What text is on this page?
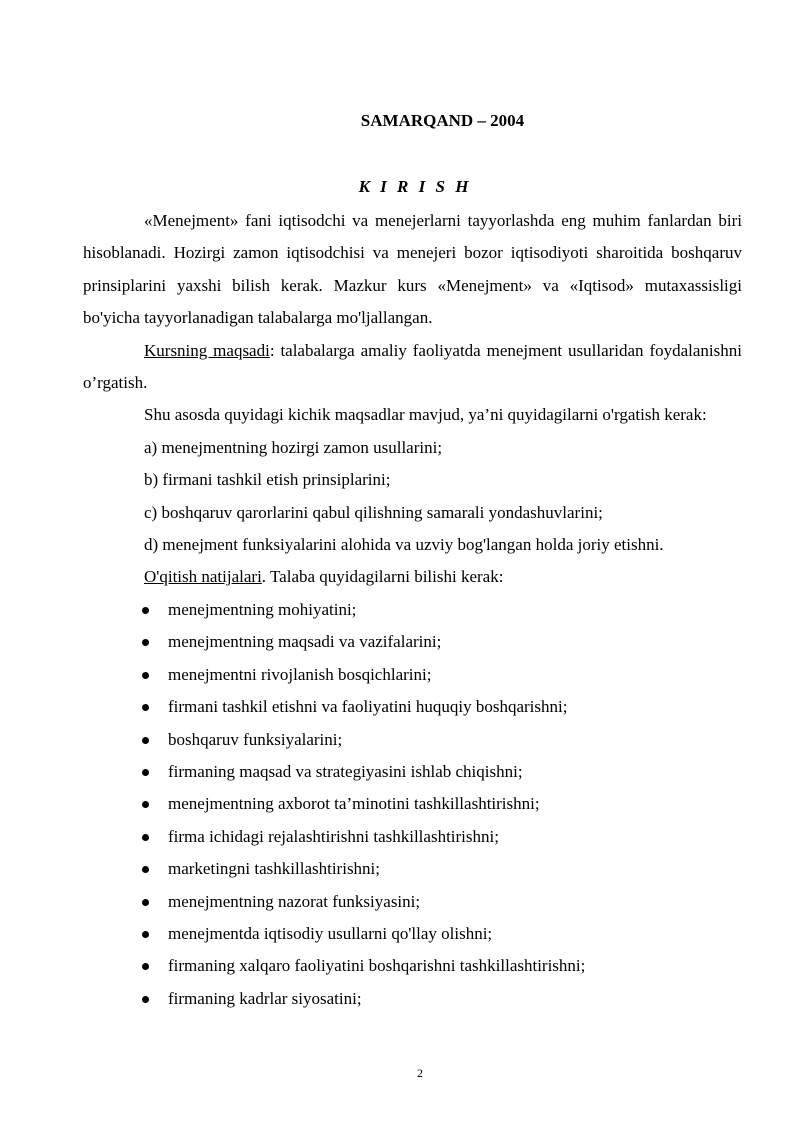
SAMARQAND – 2004
K I R I S H

«Menejment» fani iqtisodchi va menejerlarni tayyorlashda eng muhim fanlardan biri hisoblanadi. Hozirgi zamon iqtisodchisi va menejeri bozor iqtisodiyoti sharoitida boshqaruv prinsiplarini yaxshi bilish kerak. Mazkur kurs «Menejment» va «Iqtisod» mutaxassisligi bo'yicha tayyorlanadigan talabalarga mo'ljallangan.

Kursning maqsadi: talabalarga amaliy faoliyatda menejment usullaridan foydalanishni o’rgatish.

Shu asosda quyidagi kichik maqsadlar mavjud, ya’ni quyidagilarni o'rgatish kerak:

a) menejmentning hozirgi zamon usullarini;

b) firmani tashkil etish prinsiplarini;

c) boshqaruv qarorlarini qabul qilishning samarali yondashuvlarini;

d) menejment funksiyalarini alohida va uzviy bog'langan holda joriy etishni.

O'qitish natijalari. Talaba quyidagilarni bilishi kerak:

menejmentning mohiyatini;
menejmentning maqsadi va vazifalarini;
menejmentni rivojlanish bosqichlarini;
firmani tashkil etishni va faoliyatini huquqiy boshqarishni;
boshqaruv funksiyalarini;
firmaning maqsad va strategiyasini ishlab chiqishni;
menejmentning axborot ta’minotini tashkillashtirishni;
firma ichidagi rejalashtirishni tashkillashtirishni;
marketingni tashkillashtirishni;
menejmentning nazorat funksiyasini;
menejmentda iqtisodiy usullarni qo'llay olishni;
firmaning xalqaro faoliyatini boshqarishni tashkillashtirishni;
firmaning kadrlar siyosatini;
2
